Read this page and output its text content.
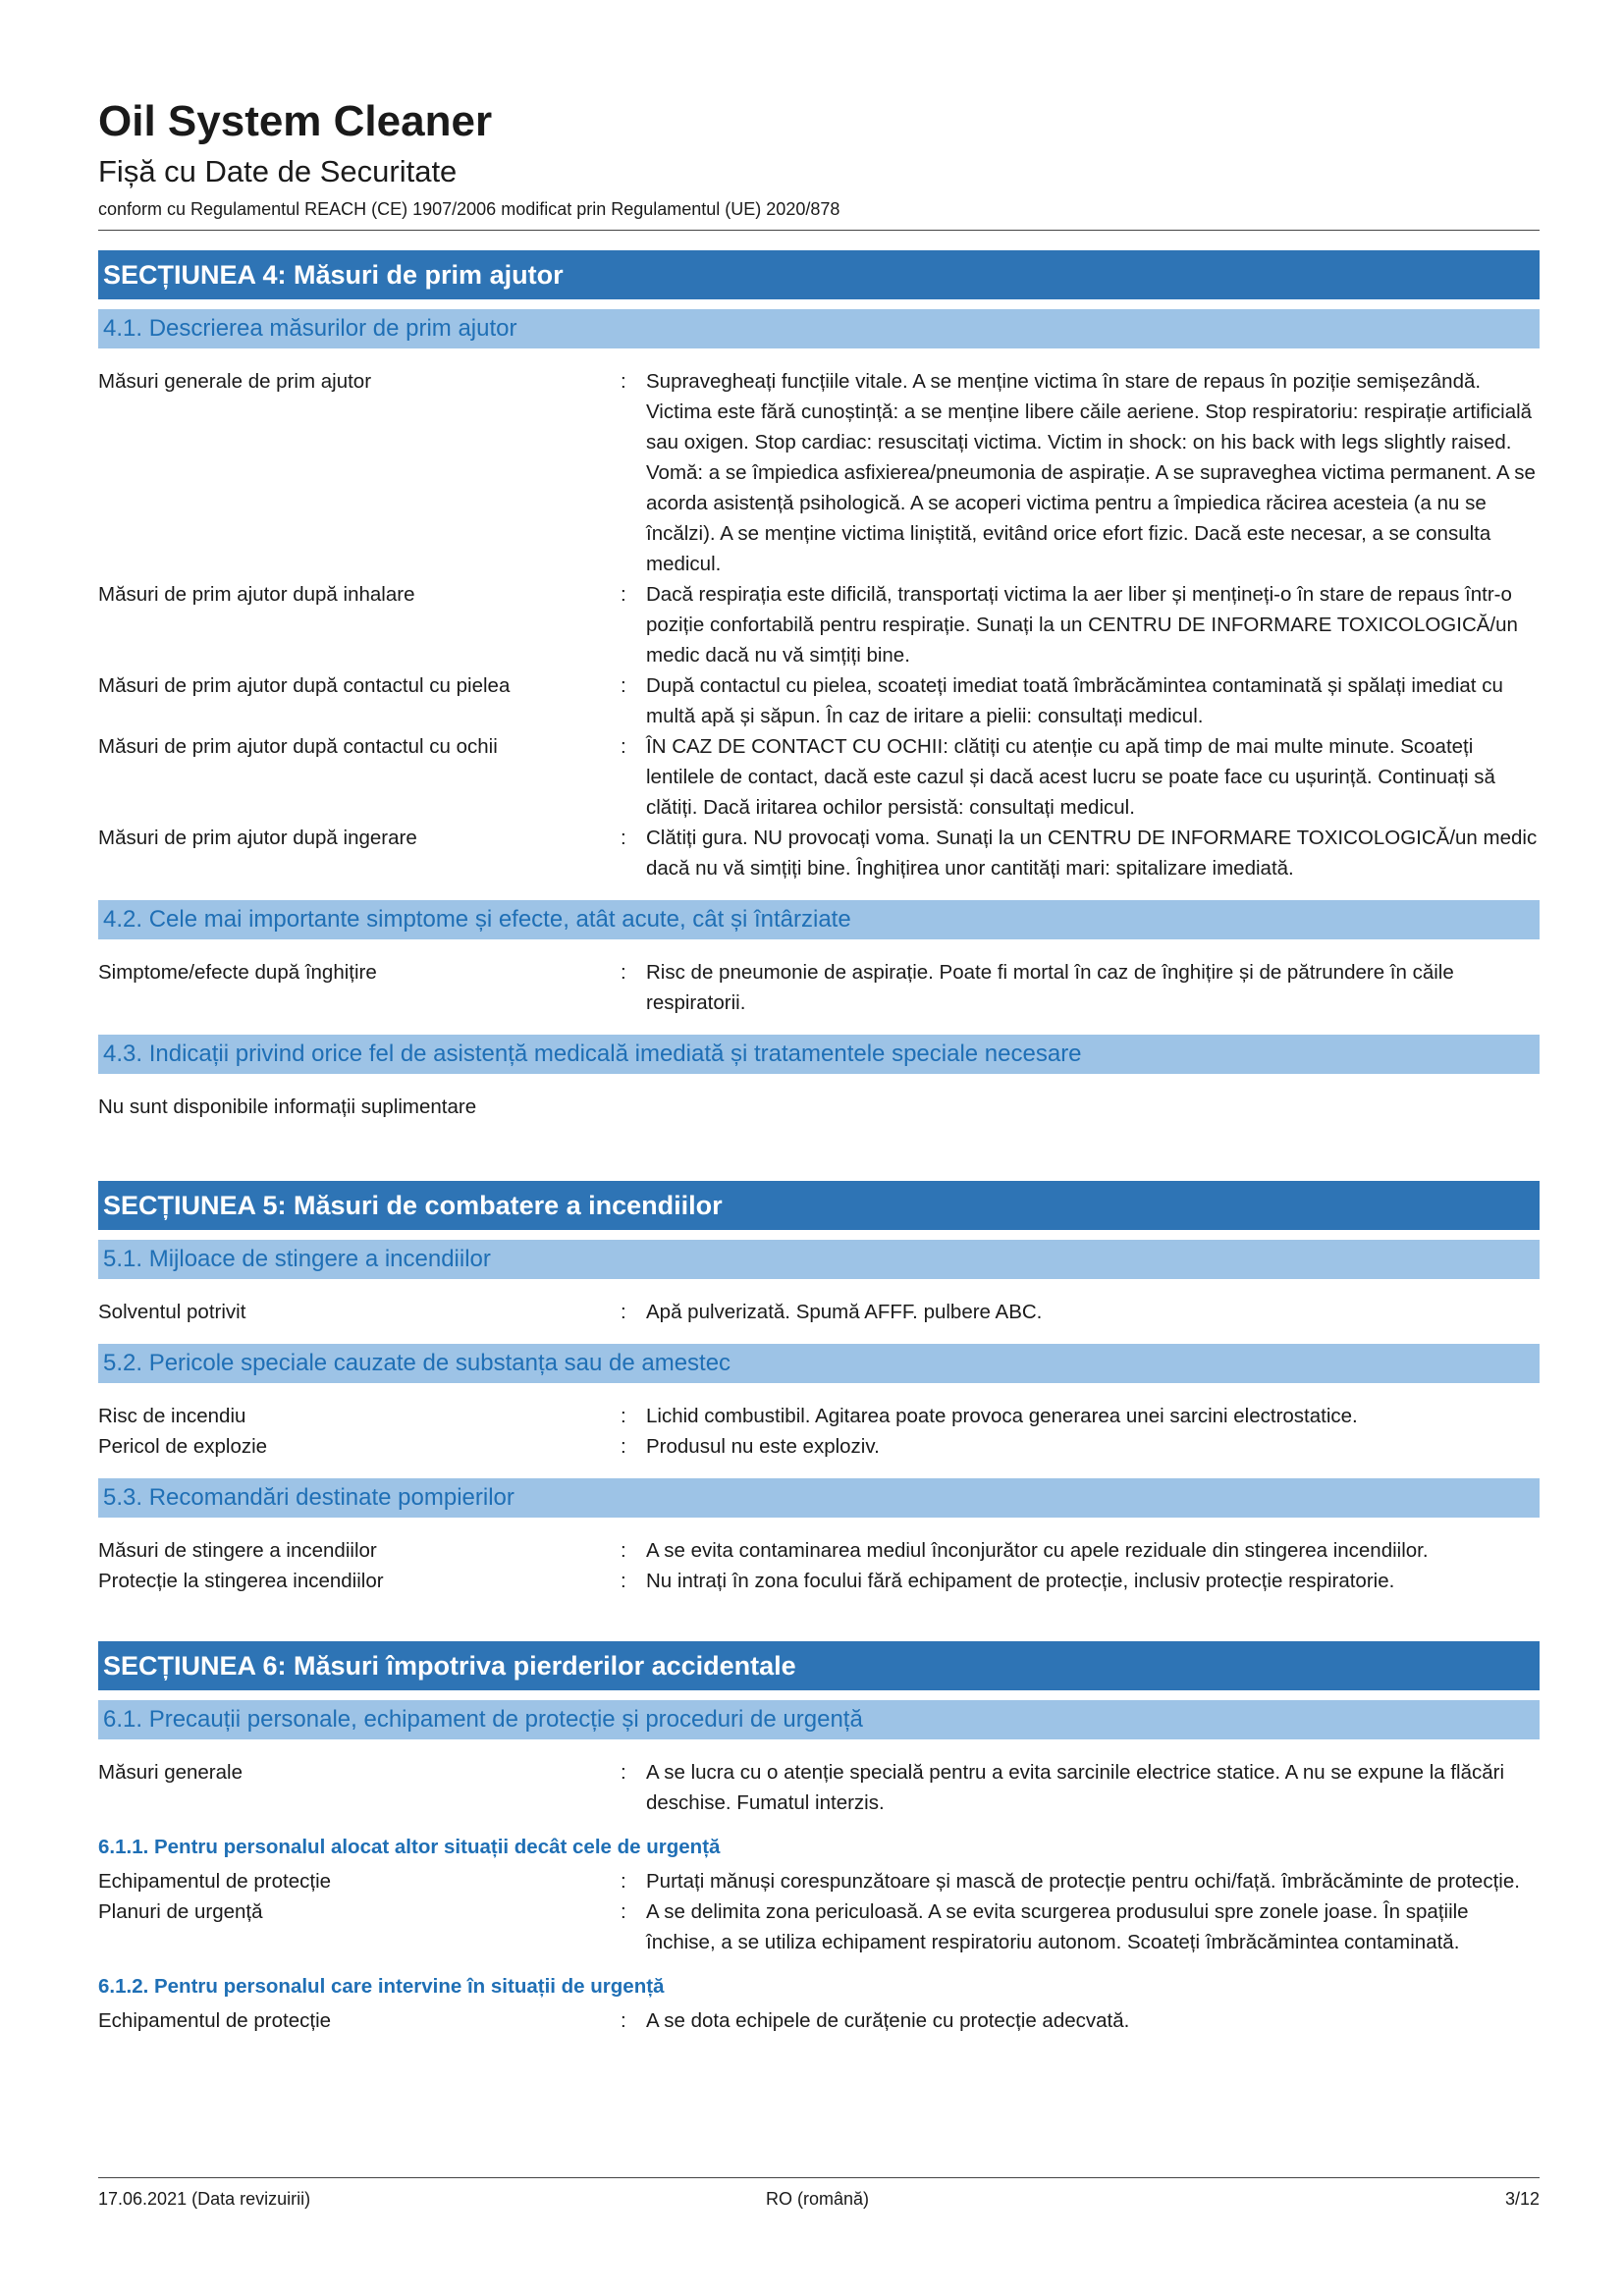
Oil System Cleaner
Fișă cu Date de Securitate
conform cu Regulamentul REACH (CE) 1907/2006 modificat prin Regulamentul (UE) 2020/878
SECȚIUNEA 4: Măsuri de prim ajutor
4.1. Descrierea măsurilor de prim ajutor
Măsuri generale de prim ajutor	: Supravegheați funcțiile vitale. A se menține victima în stare de repaus în poziție semișezândă. Victima este fără cunoștință: a se menține libere căile aeriene. Stop respiratoriu: respirație artificială sau oxigen. Stop cardiac: resuscitați victima. Victim in shock: on his back with legs slightly raised. Vomă: a se împiedica asfixierea/pneumonia de aspirație. A se supraveghea victima permanent. A se acorda asistență psihologică. A se acoperi victima pentru a împiedica răcirea acesteia (a nu se încălzi). A se menține victima liniștită, evitând orice efort fizic. Dacă este necesar, a se consulta medicul.
Măsuri de prim ajutor după inhalare	: Dacă respirația este dificilă, transportați victima la aer liber și mențineți-o în stare de repaus într-o poziție confortabilă pentru respirație. Sunați la un CENTRU DE INFORMARE TOXICOLOGICĂ/un medic dacă nu vă simțiți bine.
Măsuri de prim ajutor după contactul cu pielea	: După contactul cu pielea, scoateți imediat toată îmbrăcămintea contaminată și spălați imediat cu multă apă și săpun. În caz de iritare a pielii: consultați medicul.
Măsuri de prim ajutor după contactul cu ochii	: ÎN CAZ DE CONTACT CU OCHII: clătiți cu atenție cu apă timp de mai multe minute. Scoateți lentilele de contact, dacă este cazul și dacă acest lucru se poate face cu ușurință. Continuați să clătiți. Dacă iritarea ochilor persistă: consultați medicul.
Măsuri de prim ajutor după ingerare	: Clătiți gura. NU provocați voma. Sunați la un CENTRU DE INFORMARE TOXICOLOGICĂ/un medic dacă nu vă simțiți bine. Înghițirea unor cantități mari: spitalizare imediată.
4.2. Cele mai importante simptome și efecte, atât acute, cât și întârziate
Simptome/efecte după înghițire	: Risc de pneumonie de aspirație. Poate fi mortal în caz de înghițire și de pătrundere în căile respiratorii.
4.3. Indicații privind orice fel de asistență medicală imediată și tratamentele speciale necesare
Nu sunt disponibile informații suplimentare
SECȚIUNEA 5: Măsuri de combatere a incendiilor
5.1. Mijloace de stingere a incendiilor
Solventul potrivit	: Apă pulverizată. Spumă AFFF. pulbere ABC.
5.2. Pericole speciale cauzate de substanța sau de amestec
Risc de incendiu	: Lichid combustibil. Agitarea poate provoca generarea unei sarcini electrostatice.
Pericol de explozie	: Produsul nu este exploziv.
5.3. Recomandări destinate pompierilor
Măsuri de stingere a incendiilor	: A se evita contaminarea mediul înconjurător cu apele reziduale din stingerea incendiilor.
Protecție la stingerea incendiilor	: Nu intrați în zona focului fără echipament de protecție, inclusiv protecție respiratorie.
SECȚIUNEA 6: Măsuri împotriva pierderilor accidentale
6.1. Precauții personale, echipament de protecție și proceduri de urgență
Măsuri generale	: A se lucra cu o atenție specială pentru a evita sarcinile electrice statice. A nu se expune la flăcări deschise. Fumatul interzis.
6.1.1. Pentru personalul alocat altor situații decât cele de urgență
Echipamentul de protecție	: Purtați mănuși corespunzătoare și mască de protecție pentru ochi/față. îmbrăcăminte de protecție.
Planuri de urgență	: A se delimita zona periculoasă. A se evita scurgerea produsului spre zonele joase. În spațiile închise, a se utiliza echipament respiratoriu autonom. Scoateți îmbrăcămintea contaminată.
6.1.2. Pentru personalul care intervine în situații de urgență
Echipamentul de protecție	: A se dota echipele de curățenie cu protecție adecvată.
17.06.2021 (Data revizuirii)	RO (română)	3/12
